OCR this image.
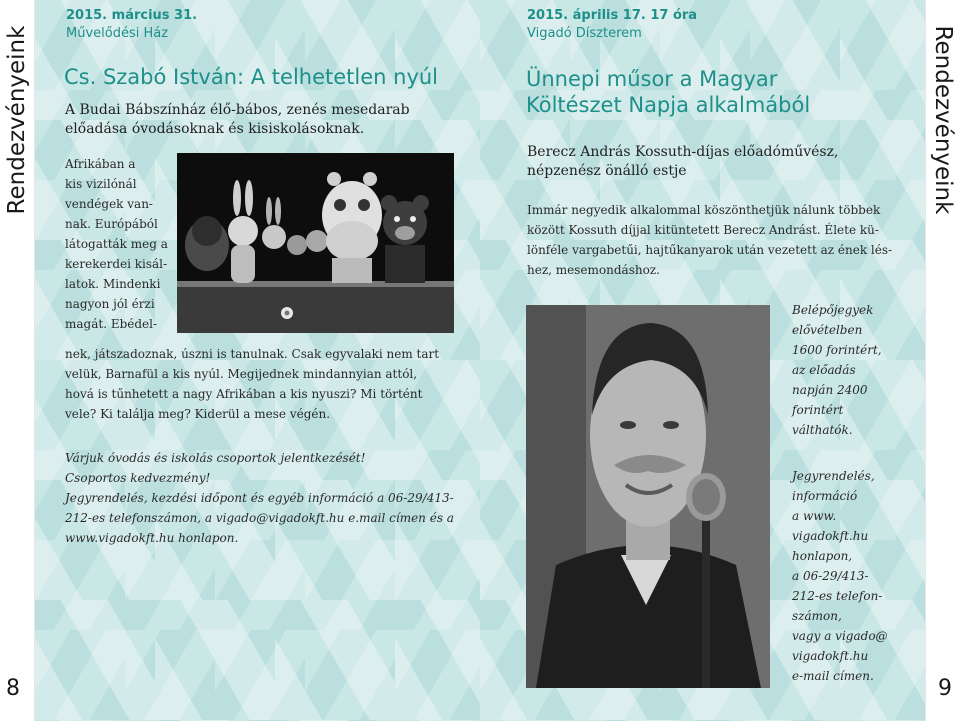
Rendezvényeink
8
2015. március 31.
Művelődési Ház
Cs. Szabó István: A telhetetlen nyúl
A Budai Bábszínház élő-bábos, zenés mesedarab
előadása óvodásoknak és kisiskolásoknak.
Afrikában a
kis vizilónál
vendégek van-
nak. Európából
látogatták meg a
kerekerdei kisál-
latok. Mindenki
nagyon jól érzi
magát. Ebédel-
nek, játszadoznak, úszni is tanulnak. Csak egyvalaki nem tart
velük, Barnafül a kis nyúl. Megijednek mindannyian attól,
hová is tűnhetett a nagy Afrikában a kis nyuszi? Mi történt
vele? Ki találja meg? Kiderül a mese végén.
Várjuk óvodás és iskolás csoportok jelentkezését!
Csoportos kedvezmény!
Jegyrendelés, kezdési időpont és egyéb információ a 06-29/413-
212-es telefonszámon, a vigado@vigadokft.hu e.mail címen és a
www.vigadokft.hu honlapon.
Rendezvényeink
9
2015. április 17. 17 óra
Vigadó Díszterem
Ünnepi műsor a Magyar
Költészet Napja alkalmából
Berecz András Kossuth-díjas előadóművész,
népzenész önálló estje
Immár negyedik alkalommal köszönthetjük nálunk többek
között Kossuth díjjal kitüntetett Berecz Andrást. Élete kü-
lönféle vargabetűi, hajtűkanyarok után vezetett az ének lés-
hez, mesemondáshoz.
Belépőjegyek
elővételben
1600 forintért,
az előadás
napján 2400
forintért
válthatók.
Jegyrendelés,
információ
a www.
vigadokft.hu
honlapon,
a 06-29/413-
212-es telefon-
számon,
vagy a vigado@
vigadokft.hu
e-mail címen.
